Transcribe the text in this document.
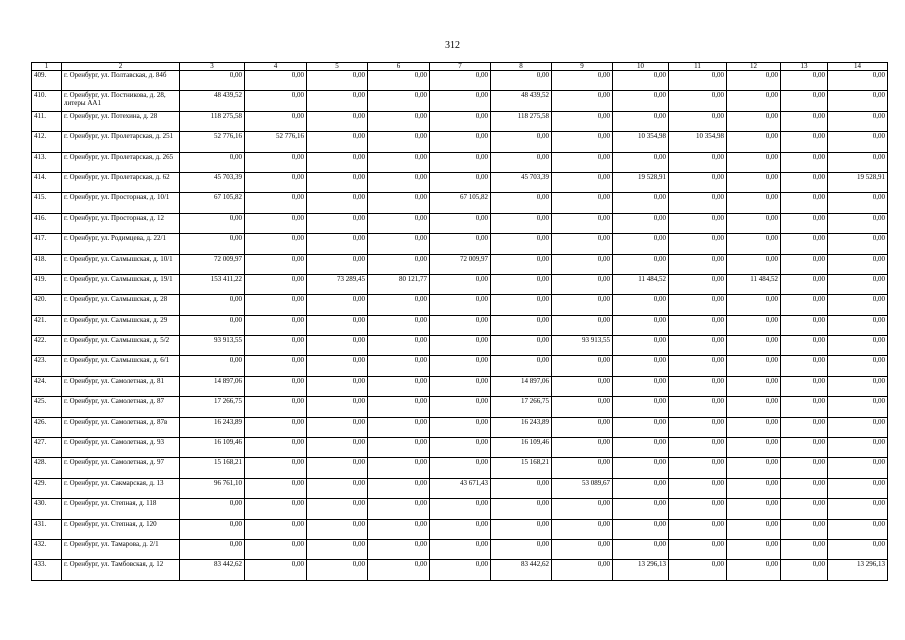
312
1	2	3	4	5	6	7	8	9	10	11	12	13	14
409.	г. Оренбург, ул. Полтавская, д. 84б	0,00	0,00	0,00	0,00	0,00	0,00	0,00	0,00	0,00	0,00	0,00	0,00
410.	г. Оренбург, ул. Постникова, д. 28, литеры АА1	48 439,52	0,00	0,00	0,00	0,00	48 439,52	0,00	0,00	0,00	0,00	0,00	0,00
411.	г. Оренбург, ул. Потехина, д. 28	118 275,58	0,00	0,00	0,00	0,00	118 275,58	0,00	0,00	0,00	0,00	0,00	0,00
412.	г. Оренбург, ул. Пролетарская, д. 251	52 776,16	52 776,16	0,00	0,00	0,00	0,00	0,00	10 354,98	10 354,98	0,00	0,00	0,00
413.	г. Оренбург, ул. Пролетарская, д. 265	0,00	0,00	0,00	0,00	0,00	0,00	0,00	0,00	0,00	0,00	0,00	0,00
414.	г. Оренбург, ул. Пролетарская, д. 62	45 703,39	0,00	0,00	0,00	0,00	45 703,39	0,00	19 528,91	0,00	0,00	0,00	19 528,91
415.	г. Оренбург, ул. Просторная, д. 10/1	67 105,82	0,00	0,00	0,00	67 105,82	0,00	0,00	0,00	0,00	0,00	0,00	0,00
416.	г. Оренбург, ул. Просторная, д. 12	0,00	0,00	0,00	0,00	0,00	0,00	0,00	0,00	0,00	0,00	0,00	0,00
417.	г. Оренбург, ул. Родимцева, д. 22/1	0,00	0,00	0,00	0,00	0,00	0,00	0,00	0,00	0,00	0,00	0,00	0,00
418.	г. Оренбург, ул. Салмышская, д. 10/1	72 009,97	0,00	0,00	0,00	72 009,97	0,00	0,00	0,00	0,00	0,00	0,00	0,00
419.	г. Оренбург, ул. Салмышская, д. 19/1	153 411,22	0,00	73 289,45	80 121,77	0,00	0,00	0,00	11 484,52	0,00	11 484,52	0,00	0,00
420.	г. Оренбург, ул. Салмышская, д. 28	0,00	0,00	0,00	0,00	0,00	0,00	0,00	0,00	0,00	0,00	0,00	0,00
421.	г. Оренбург, ул. Салмышская, д. 29	0,00	0,00	0,00	0,00	0,00	0,00	0,00	0,00	0,00	0,00	0,00	0,00
422.	г. Оренбург, ул. Салмышская, д. 5/2	93 913,55	0,00	0,00	0,00	0,00	0,00	93 913,55	0,00	0,00	0,00	0,00	0,00
423.	г. Оренбург, ул. Салмышская, д. 6/1	0,00	0,00	0,00	0,00	0,00	0,00	0,00	0,00	0,00	0,00	0,00	0,00
424.	г. Оренбург, ул. Самолетная, д. 81	14 897,06	0,00	0,00	0,00	0,00	14 897,06	0,00	0,00	0,00	0,00	0,00	0,00
425.	г. Оренбург, ул. Самолетная, д. 87	17 266,75	0,00	0,00	0,00	0,00	17 266,75	0,00	0,00	0,00	0,00	0,00	0,00
426.	г. Оренбург, ул. Самолетная, д. 87в	16 243,89	0,00	0,00	0,00	0,00	16 243,89	0,00	0,00	0,00	0,00	0,00	0,00
427.	г. Оренбург, ул. Самолетная, д. 93	16 109,46	0,00	0,00	0,00	0,00	16 109,46	0,00	0,00	0,00	0,00	0,00	0,00
428.	г. Оренбург, ул. Самолетная, д. 97	15 168,21	0,00	0,00	0,00	0,00	15 168,21	0,00	0,00	0,00	0,00	0,00	0,00
429.	г. Оренбург, ул. Сакмарская, д. 13	96 761,10	0,00	0,00	0,00	43 671,43	0,00	53 089,67	0,00	0,00	0,00	0,00	0,00
430.	г. Оренбург, ул. Степная, д. 118	0,00	0,00	0,00	0,00	0,00	0,00	0,00	0,00	0,00	0,00	0,00	0,00
431.	г. Оренбург, ул. Степная, д. 120	0,00	0,00	0,00	0,00	0,00	0,00	0,00	0,00	0,00	0,00	0,00	0,00
432.	г. Оренбург, ул. Тамарова, д. 2/1	0,00	0,00	0,00	0,00	0,00	0,00	0,00	0,00	0,00	0,00	0,00	0,00
433.	г. Оренбург, ул. Тамбовская, д. 12	83 442,62	0,00	0,00	0,00	0,00	83 442,62	0,00	13 296,13	0,00	0,00	0,00	13 296,13
